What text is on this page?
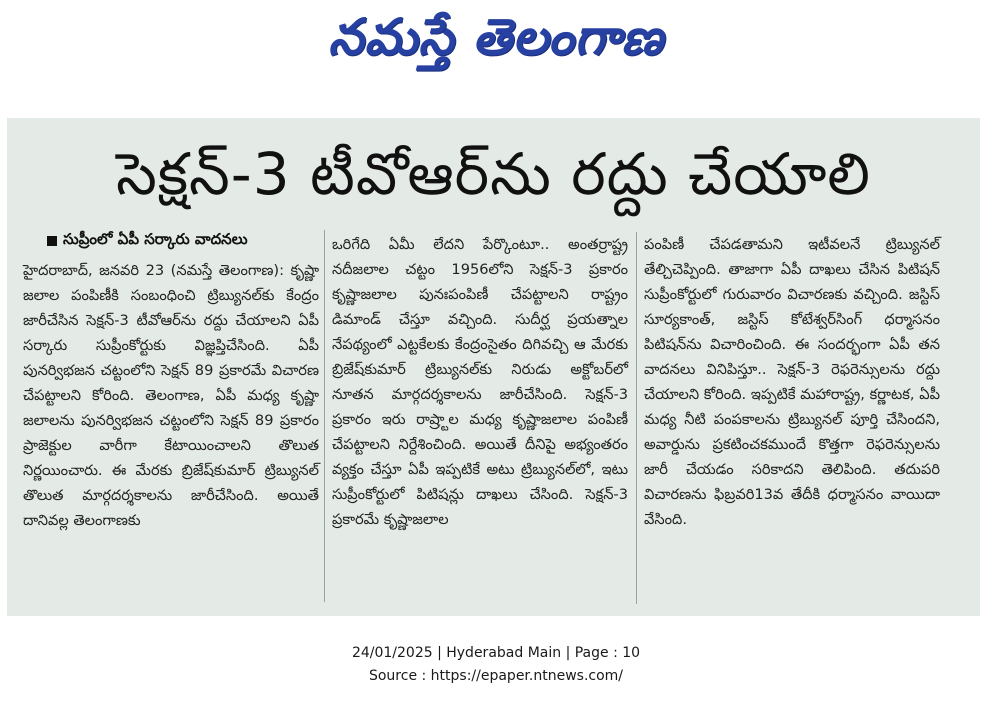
నమస్తే తెలంగాణ
సెక్షన్‌-3 టీవోఆర్‌ను రద్దు చేయాలి
సుప్రీంలో ఏపీ సర్కారు వాదనలు
హైదరాబాద్‌, జనవరి 23 (నమస్తే తెలంగాణ): కృష్ణా జలాల పంపిణీకి సంబంధించి ట్రిబ్యునల్‌కు కేంద్రం జారీచేసిన సెక్షన్‌-3 టీవోఆర్‌ను రద్దు చేయాలని ఏపీ సర్కారు సుప్రీంకోర్టుకు విజ్ఞప్తిచేసింది. ఏపీ పునర్విభజన చట్టంలోని సెక్షన్‌ 89 ప్రకారమే విచారణ చేపట్టాలని కోరింది. తెలంగాణ, ఏపీ మధ్య కృష్ణా జలాలను పునర్విభజన చట్టంలోని సెక్షన్‌ 89 ప్రకారం ప్రాజెక్టుల వారీగా కేటాయించాలని తొలుత నిర్ణయించారు. ఈ మేరకు బ్రిజేష్‌కుమార్‌ ట్రిబ్యునల్‌ తొలుత మార్గదర్శకాలను జారీచేసింది. అయితే దానివల్ల తెలంగాణకు
ఒరిగేది ఏమీ లేదని పేర్కొంటూ.. అంతర్రాష్ట్ర నదీజలాల చట్టం 1956లోని సెక్షన్‌-3 ప్రకారం కృష్ణాజలాల పునఃపంపిణీ చేపట్టాలని రాష్ట్రం డిమాండ్‌ చేస్తూ వచ్చింది. సుదీర్ఘ ప్రయత్నాల నేపథ్యంలో ఎట్టకేలకు కేంద్రంసైతం దిగివచ్చి ఆ మేరకు బ్రిజేష్‌కుమార్‌ ట్రిబ్యునల్‌కు నిరుడు అక్టోబర్‌లో నూతన మార్గదర్శకాలను జారీచేసింది. సెక్షన్‌-3 ప్రకారం ఇరు రాష్ర్టాల మధ్య కృష్ణాజలాల పంపిణీ చేపట్టాలని నిర్దేశించింది. అయితే దీనిపై అభ్యంతరం వ్యక్తం చేస్తూ ఏపీ ఇప్పటికే అటు ట్రిబ్యునల్‌లో, ఇటు సుప్రీంకోర్టులో పిటిషన్లు దాఖలు చేసింది. సెక్షన్‌-3 ప్రకారమే కృష్ణాజలాల
పంపిణీ చేపడతామని ఇటీవలనే ట్రిబ్యునల్‌ తేల్చిచెప్పింది. తాజాగా ఏపీ దాఖలు చేసిన పిటిషన్‌ సుప్రీంకోర్టులో గురువారం విచారణకు వచ్చింది. జస్టిస్‌ సూర్యకాంత్‌, జస్టిస్‌ కోటేశ్వర్‌సింగ్‌ ధర్మాసనం పిటిషన్‌ను విచారించింది. ఈ సందర్భంగా ఏపీ తన వాదనలు వినిపిస్తూ.. సెక్షన్‌-3 రెఫరెన్సులను రద్దు చేయాలని కోరింది. ఇప్పటికే మహారాష్ట్ర, కర్ణాటక, ఏపీ మధ్య నీటి పంపకాలను ట్రిబ్యునల్‌ పూర్తి చేసిందని, అవార్డును ప్రకటించకముందే కొత్తగా రెఫరెన్సులను జారీ చేయడం సరికాదని తెలిపింది. తదుపరి విచారణను ఫిబ్రవరి13వ తేదీకి ధర్మాసనం వాయిదా వేసింది.
24/01/2025 | Hyderabad Main | Page : 10
Source : https://epaper.ntnews.com/
